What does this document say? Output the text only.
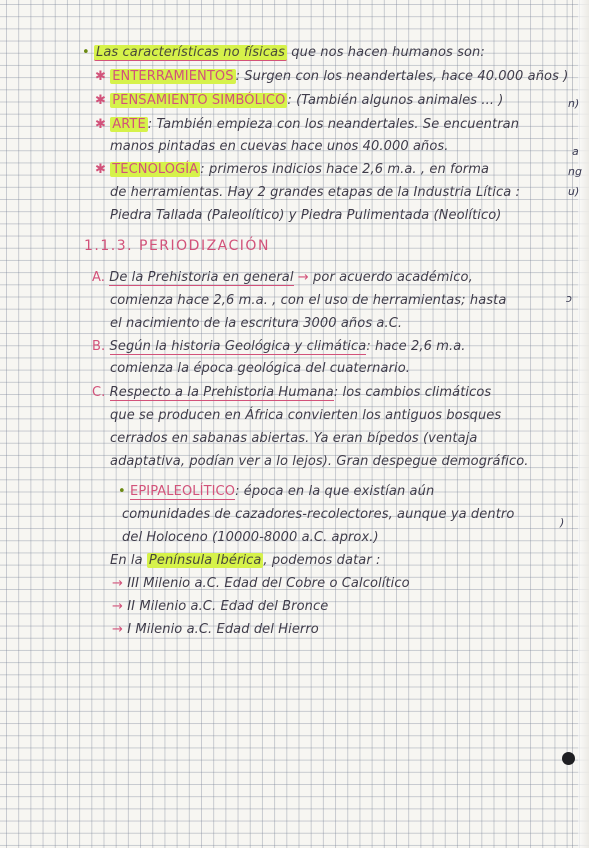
• Las características no físicas que nos hacen humanos son:
✱ ENTERRAMIENTOS : Surgen con los neandertales, hace 40.000 años )
✱ PENSAMIENTO SIMBÓLICO : (También algunos animales ... )
✱ ARTE : También empieza con los neandertales. Se encuentran
manos pintadas en cuevas hace unos 40.000 años.
✱ TECNOLOGÍA : primeros indicios hace 2,6 m.a. , en forma
de herramientas. Hay 2 grandes etapas de la Industria Lítica :
Piedra Tallada (Paleolítico) y Piedra Pulimentada (Neolítico)
1.1.3. PERIODIZACIÓN
A. De la Prehistoria en general → por acuerdo académico,
comienza hace 2,6 m.a. , con el uso de herramientas; hasta
el nacimiento de la escritura 3000 años a.C.
B. Según la historia Geológica y climática: hace 2,6 m.a.
comienza la época geológica del cuaternario.
C. Respecto a la Prehistoria Humana: los cambios climáticos
que se producen en África convierten los antiguos bosques
cerrados en sabanas abiertas. Ya eran bípedos (ventaja
adaptativa, podían ver a lo lejos). Gran despegue demográfico.
• EPIPALEOLÍTICO: época en la que existían aún
comunidades de cazadores-recolectores, aunque ya dentro
del Holoceno (10000-8000 a.C. aprox.)
En la Península Ibérica , podemos datar :
→ III Milenio a.C. Edad del Cobre o Calcolítico
→ II Milenio a.C. Edad del Bronce
→ I Milenio a.C. Edad del Hierro
n)
a
ng
u)
ɔ
)
